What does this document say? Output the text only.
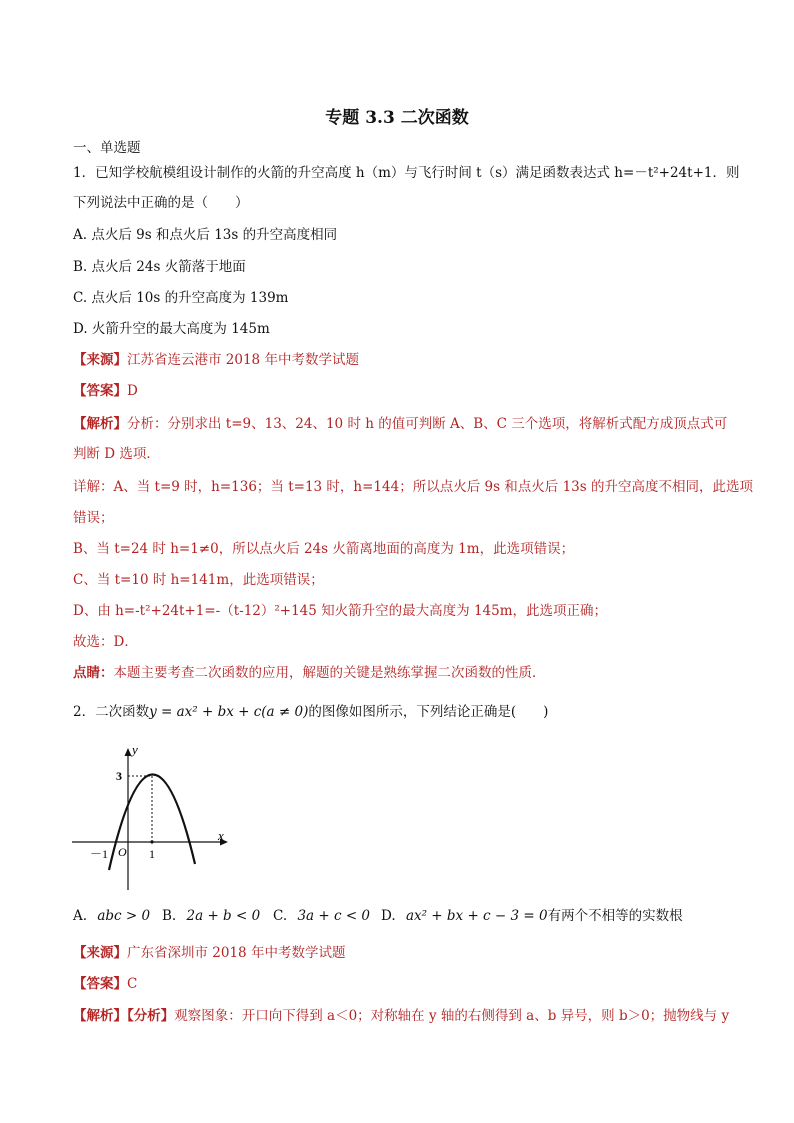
专题 3.3 二次函数
一、单选题
1．已知学校航模组设计制作的火箭的升空高度 h（m）与飞行时间 t（s）满足函数表达式 h=－t²+24t+1．则
下列说法中正确的是（　　）
A. 点火后 9s 和点火后 13s 的升空高度相同
B. 点火后 24s 火箭落于地面
C. 点火后 10s 的升空高度为 139m
D. 火箭升空的最大高度为 145m
【来源】江苏省连云港市 2018 年中考数学试题
【答案】D
【解析】分析：分别求出 t=9、13、24、10 时 h 的值可判断 A、B、C 三个选项，将解析式配方成顶点式可
判断 D 选项．
详解：A、当 t=9 时，h=136；当 t=13 时，h=144；所以点火后 9s 和点火后 13s 的升空高度不相同，此选项
错误；
B、当 t=24 时 h=1≠0，所以点火后 24s 火箭离地面的高度为 1m，此选项错误；
C、当 t=10 时 h=141m，此选项错误；
D、由 h=-t²+24t+1=-（t-12）²+145 知火箭升空的最大高度为 145m，此选项正确；
故选：D．
点睛：本题主要考查二次函数的应用，解题的关键是熟练掌握二次函数的性质．
2．二次函数y = ax² + bx + c(a ≠ 0)的图像如图所示，下列结论正确是(　　)
x
y
3
O
－1	1
A. abc > 0 B. 2a + b < 0 C. 3a + c < 0 D. ax² + bx + c − 3 = 0有两个不相等的实数根
【来源】广东省深圳市 2018 年中考数学试题
【答案】C
【解析】【分析】观察图象：开口向下得到 a＜0；对称轴在 y 轴的右侧得到 a、b 异号，则 b＞0；抛物线与 y
